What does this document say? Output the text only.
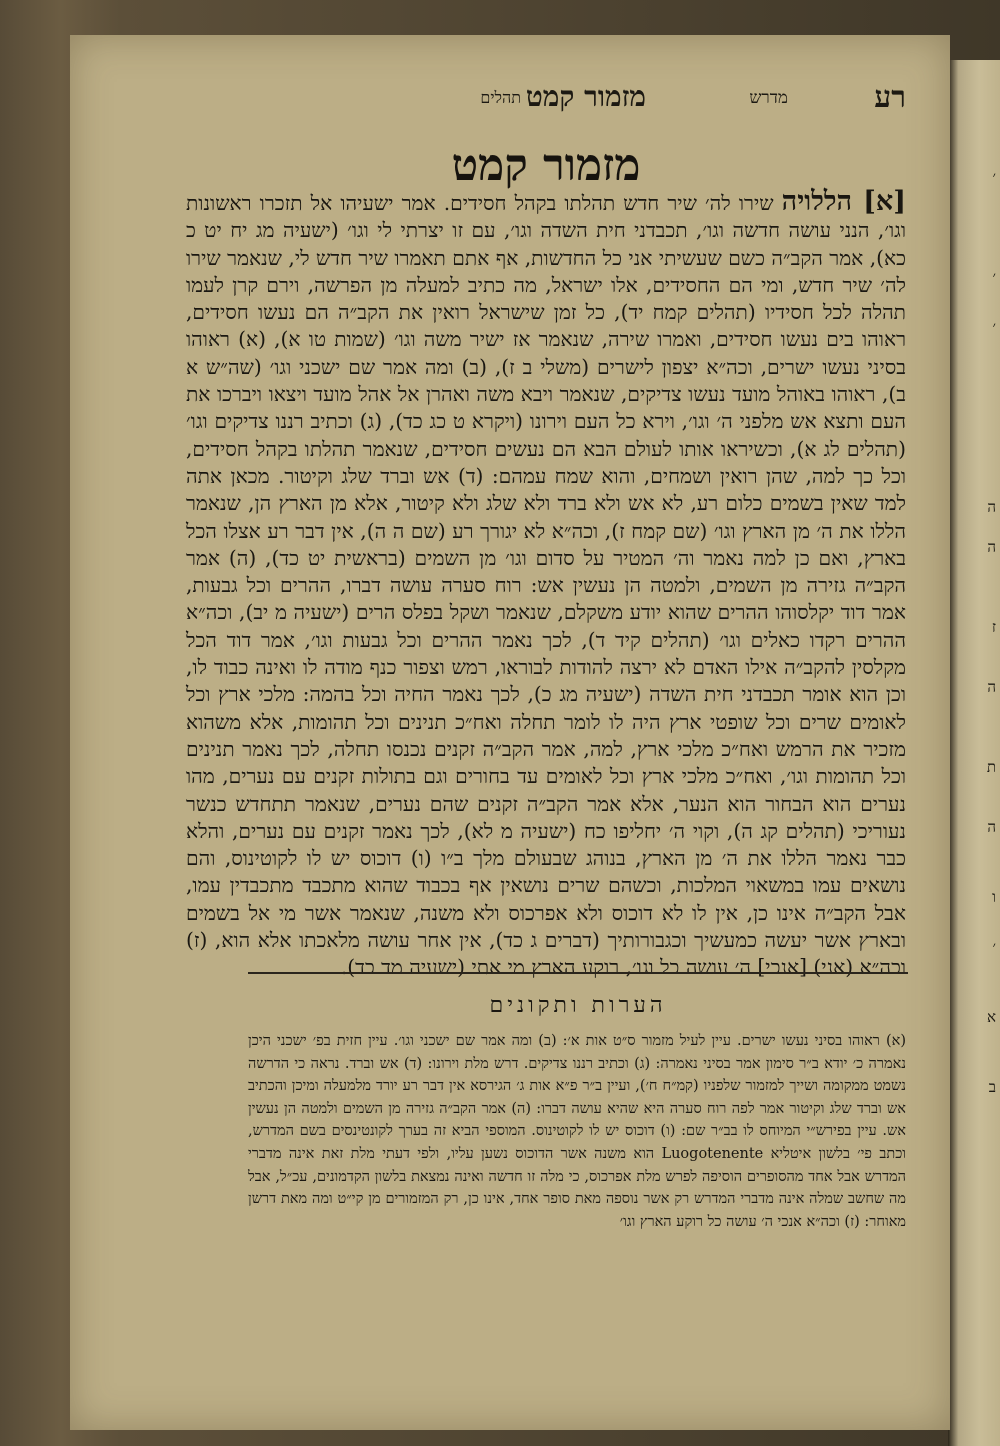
׳
׳
׳
ה
ה
ז
ה
ת
ה
ו
׳
א
ב
רע
מדרש
מזמור קמט
תהלים
מזמור קמט
[א] הללויה שירו לה׳ שיר חדש תהלתו בקהל חסידים. אמר ישעיהו אל תזכרו ראשונות וגו׳, הנני עושה חדשה וגו׳, תכבדני חית השדה וגו׳, עם זו יצרתי לי וגו׳ (ישעיה מג יח יט כ כא), אמר הקב״ה כשם שעשיתי אני כל החדשות, אף אתם תאמרו שיר חדש לי, שנאמר שירו לה׳ שיר חדש, ומי הם החסידים, אלו ישראל, מה כתיב למעלה מן הפרשה, וירם קרן לעמו תהלה לכל חסידיו (תהלים קמח יד), כל זמן שישראל רואין את הקב״ה הם נעשו חסידים, ראוהו בים נעשו חסידים, ואמרו שירה, שנאמר אז ישיר משה וגו׳ (שמות טו א), (א) ראוהו בסיני נעשו ישרים, וכה״א יצפון לישרים (משלי ב ז), (ב) ומה אמר שם ישכני וגו׳ (שה״ש א ב), ראוהו באוהל מועד נעשו צדיקים, שנאמר ויבא משה ואהרן אל אהל מועד ויצאו ויברכו את העם ותצא אש מלפני ה׳ וגו׳, וירא כל העם וירונו (ויקרא ט כג כד), (ג) וכתיב רננו צדיקים וגו׳ (תהלים לג א), וכשיראו אותו לעולם הבא הם נעשים חסידים, שנאמר תהלתו בקהל חסידים, וכל כך למה, שהן רואין ושמחים, והוא שמח עמהם: (ד) אש וברד שלג וקיטור. מכאן אתה למד שאין בשמים כלום רע, לא אש ולא ברד ולא שלג ולא קיטור, אלא מן הארץ הן, שנאמר הללו את ה׳ מן הארץ וגו׳ (שם קמח ז), וכה״א לא יגורך רע (שם ה ה), אין דבר רע אצלו הכל בארץ, ואם כן למה נאמר וה׳ המטיר על סדום וגו׳ מן השמים (בראשית יט כד), (ה) אמר הקב״ה גזירה מן השמים, ולמטה הן נעשין אש: רוח סערה עושה דברו, ההרים וכל גבעות, אמר דוד יקלסוהו ההרים שהוא יודע משקלם, שנאמר ושקל בפלס הרים (ישעיה מ יב), וכה״א ההרים רקדו כאלים וגו׳ (תהלים קיד ד), לכך נאמר ההרים וכל גבעות וגו׳, אמר דוד הכל מקלסין להקב״ה אילו האדם לא ירצה להודות לבוראו, רמש וצפור כנף מודה לו ואינה כבוד לו, וכן הוא אומר תכבדני חית השדה (ישעיה מג כ), לכך נאמר החיה וכל בהמה: מלכי ארץ וכל לאומים שרים וכל שופטי ארץ היה לו לומר תחלה ואח״כ תנינים וכל תהומות, אלא משהוא מזכיר את הרמש ואח״כ מלכי ארץ, למה, אמר הקב״ה זקנים נכנסו תחלה, לכך נאמר תנינים וכל תהומות וגו׳, ואח״כ מלכי ארץ וכל לאומים עד בחורים וגם בתולות זקנים עם נערים, מהו נערים הוא הבחור הוא הנער, אלא אמר הקב״ה זקנים שהם נערים, שנאמר תתחדש כנשר נעוריכי (תהלים קג ה), וקוי ה׳ יחליפו כח (ישעיה מ לא), לכך נאמר זקנים עם נערים, והלא כבר נאמר הללו את ה׳ מן הארץ, בנוהג שבעולם מלך ב״ו (ו) דוכוס יש לו לקוטינוס, והם נושאים עמו במשאוי המלכות, וכשהם שרים נושאין אף בכבוד שהוא מתכבד מתכבדין עמו, אבל הקב״ה אינו כן, אין לו לא דוכוס ולא אפרכוס ולא משנה, שנאמר אשר מי אל בשמים ובארץ אשר יעשה כמעשיך וכגבורותיך (דברים ג כד), אין אחר עושה מלאכתו אלא הוא, (ז) וכה״א (אני) [אנכי] ה׳ עושה כל וגו׳, רוקע הארץ מי אתי (ישעיה מד כד).
הערות ותקונים
(א) ראוהו בסיני נעשו ישרים. עיין לעיל מזמור ס״ט אות א׳: (ב) ומה אמר שם ישכני וגו׳. עיין חזית בפ׳ ישכני היכן נאמרה כ׳ יודא ב״ר סימון אמר בסיני נאמרה: (ג) וכתיב רננו צדיקים. דרש מלת וירונו: (ד) אש וברד. נראה כי הדרשה נשמט ממקומה ושייך למזמור שלפניו (קמ״ח ח׳), ועיין ב״ר פ״א אות ג׳ הגירסא אין דבר רע יורד מלמעלה ומיכן והכתיב אש וברד שלג וקיטור אמר לפה רוח סערה היא שהיא עושה דברו: (ה) אמר הקב״ה גזירה מן השמים ולמטה הן נעשין אש. עיין בפירש״י המיוחס לו בב״ר שם: (ו) דוכוס יש לו לקוטינוס. המוספי הביא זה בערך לקונטינסים בשם המדרש, וכתב פי׳ בלשון איטליא Luogotenente הוא משנה אשר הדוכוס נשען עליו, ולפי דעתי מלת זאת אינה מדברי המדרש אבל אחד מהסופרים הוסיפה לפרש מלת אפרכוס, כי מלה זו חדשה ואינה נמצאת בלשון הקדמונים, עכ״ל, אבל מה שחשב שמלה אינה מדברי המדרש רק אשר נוספה מאת סופר אחד, אינו כן, רק המזמורים מן קי״ט ומה מאת דרשן מאוחר: (ז) וכה״א אנכי ה׳ עושה כל רוקע הארץ וגו׳
